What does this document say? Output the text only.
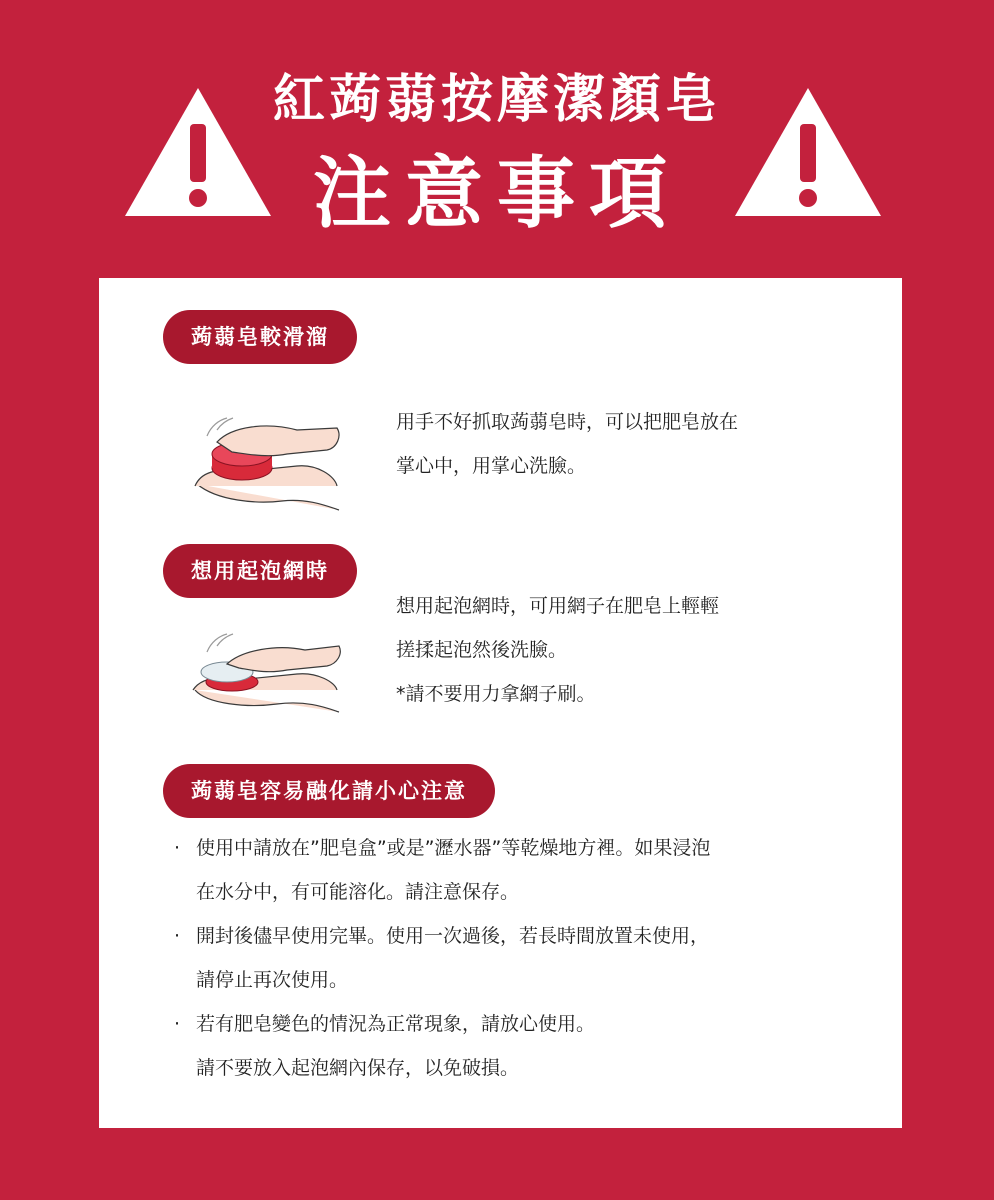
紅蒟蒻按摩潔顏皂
注意事項
蒟蒻皂較滑溜
用手不好抓取蒟蒻皂時，可以把肥皂放在
掌心中，用掌心洗臉。
想用起泡網時
想用起泡網時，可用網子在肥皂上輕輕
搓揉起泡然後洗臉。
*請不要用力拿網子刷。
蒟蒻皂容易融化請小心注意
· 使用中請放在”肥皂盒”或是”瀝水器”等乾燥地方裡。如果浸泡
在水分中，有可能溶化。請注意保存。
· 開封後儘早使用完畢。使用一次過後，若長時間放置未使用，
請停止再次使用。
· 若有肥皂變色的情況為正常現象，請放心使用。
請不要放入起泡網內保存，以免破損。
